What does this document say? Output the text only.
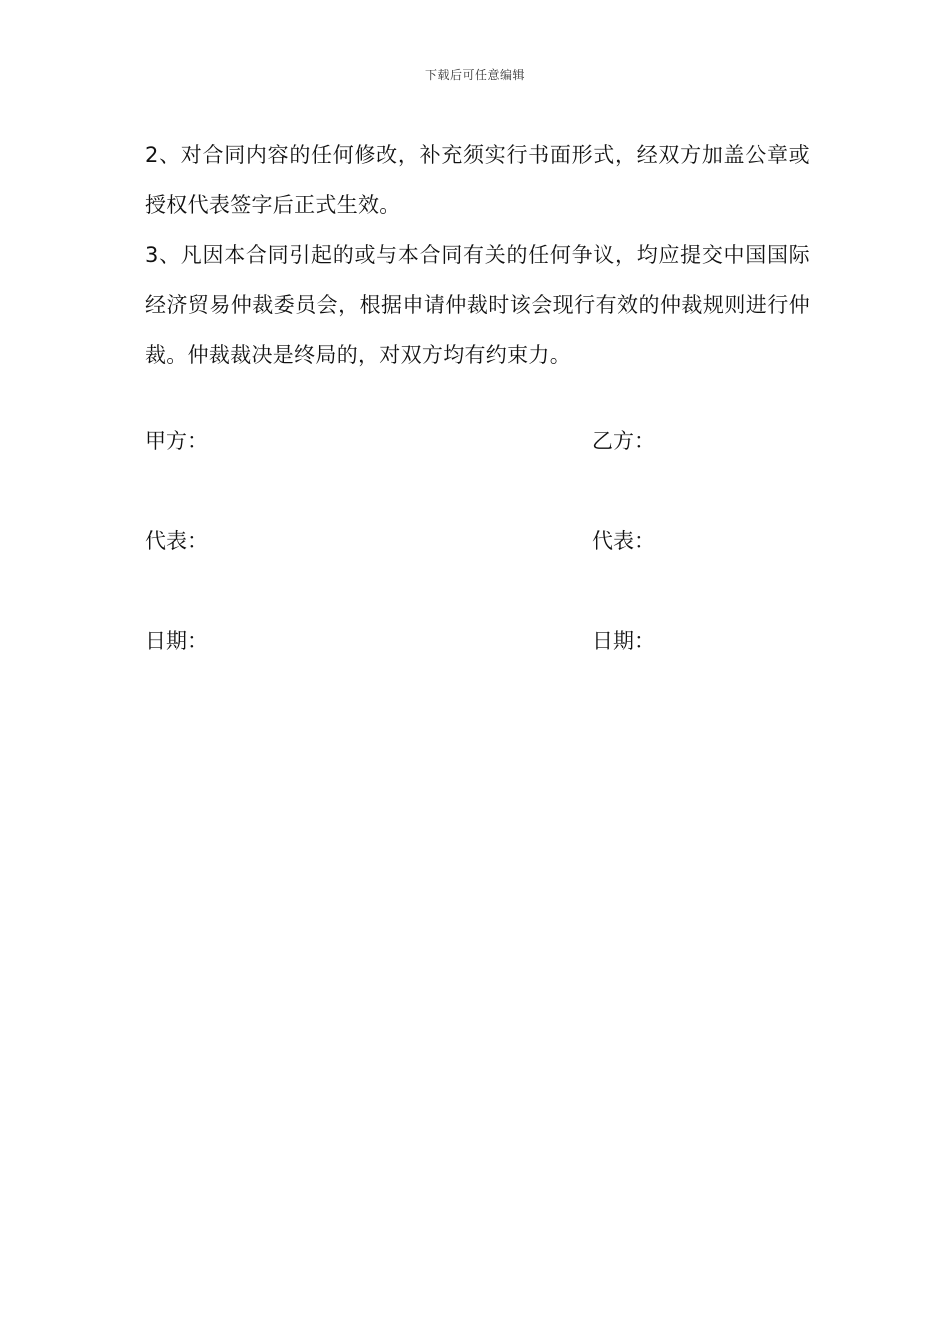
下载后可任意编辑

2、对合同内容的任何修改，补充须实行书面形式，经双方加盖公章或授权代表签字后正式生效。

3、凡因本合同引起的或与本合同有关的任何争议，均应提交中国国际经济贸易仲裁委员会，根据申请仲裁时该会现行有效的仲裁规则进行仲裁。仲裁裁决是终局的，对双方均有约束力。

甲方：	乙方：
代表：	代表：
日期：	日期：
